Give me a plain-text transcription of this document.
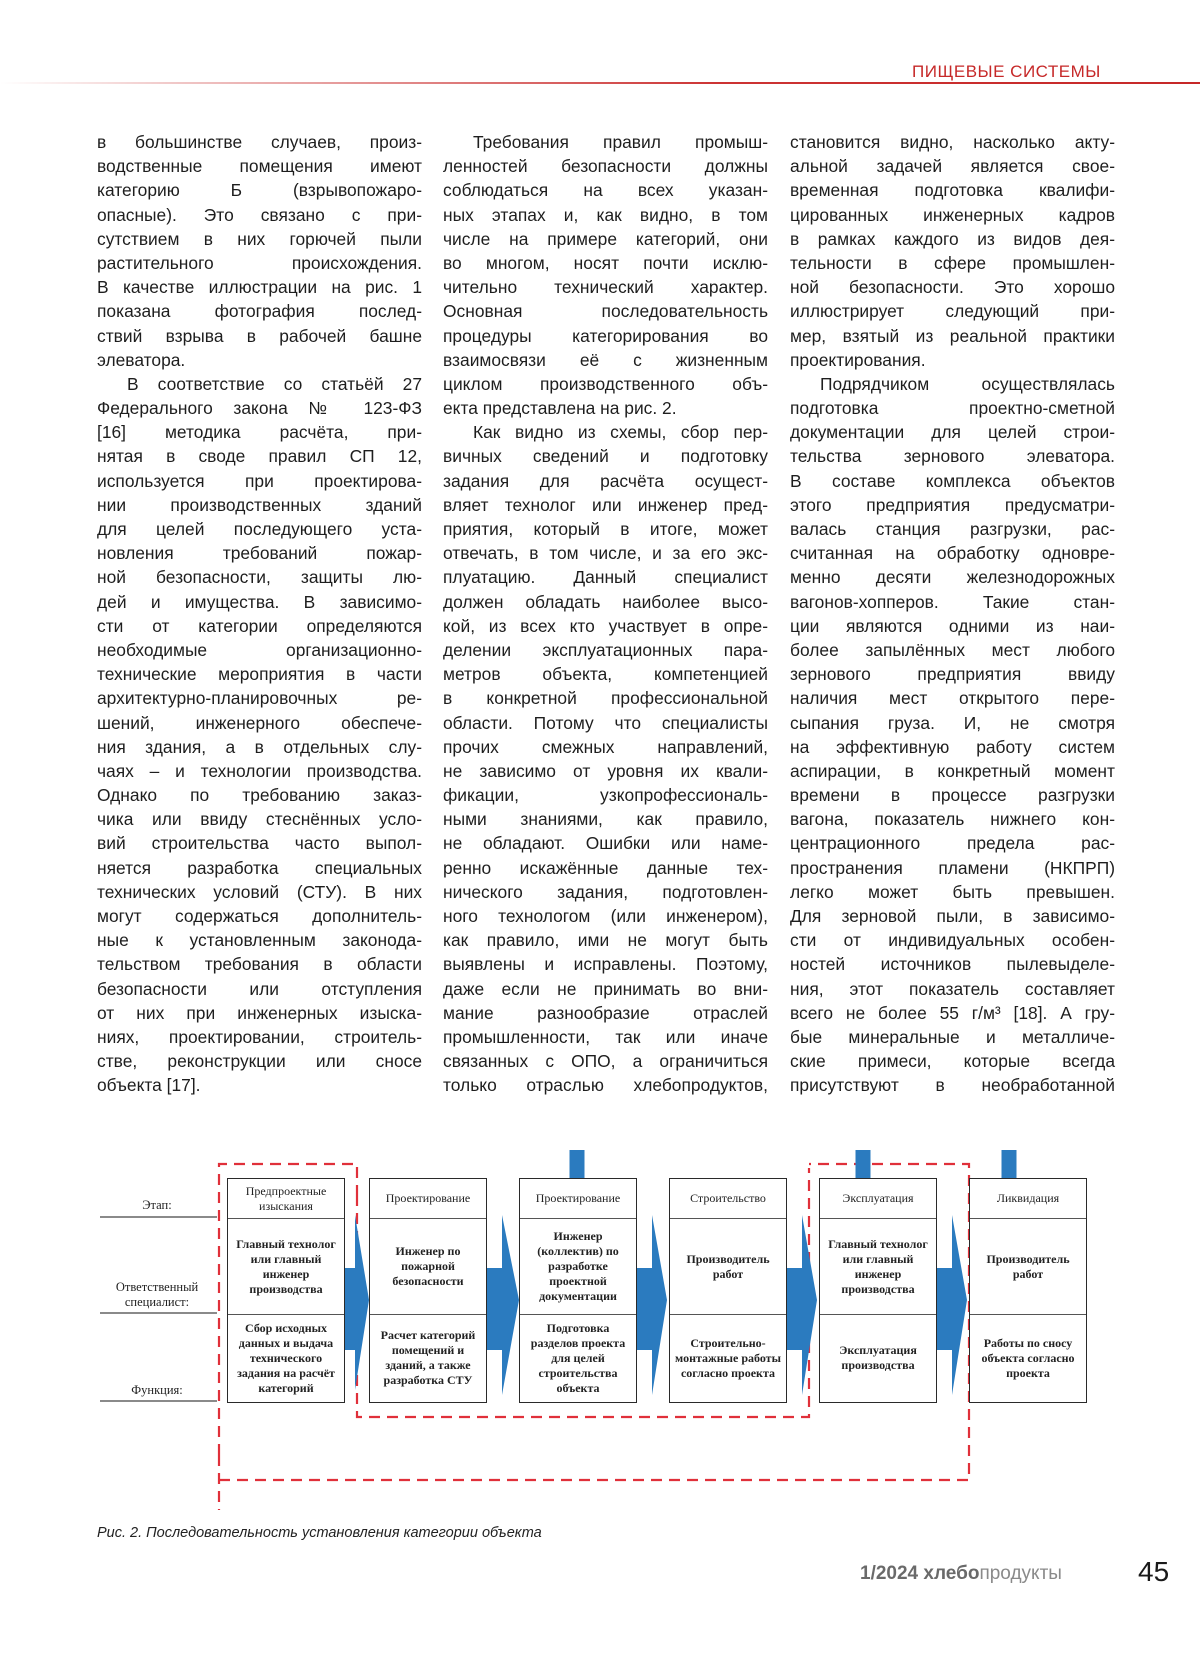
ПИЩЕВЫЕ СИСТЕМЫ
в большинстве случаев, произ-
водственные помещения имеют
категорию Б (взрывопожаро-
опасные). Это связано с при-
сутствием в них горючей пыли
растительного происхождения.
В качестве иллюстрации на рис. 1
показана фотография послед-
ствий взрыва в рабочей башне
элеватора.
В соответствие со статьёй 27
Федерального закона № 123-ФЗ
[16] методика расчёта, при-
нятая в своде правил СП 12,
используется при проектирова-
нии производственных зданий
для целей последующего уста-
новления требований пожар-
ной безопасности, защиты лю-
дей и имущества. В зависимо-
сти от категории определяются
необходимые организационно-
технические мероприятия в части
архитектурно-планировочных ре-
шений, инженерного обеспече-
ния здания, а в отдельных слу-
чаях – и технологии производства.
Однако по требованию заказ-
чика или ввиду стеснённых усло-
вий строительства часто выпол-
няется разработка специальных
технических условий (СТУ). В них
могут содержаться дополнитель-
ные к установленным законода-
тельством требования в области
безопасности или отступления
от них при инженерных изыска-
ниях, проектировании, строитель-
стве, реконструкции или сносе
объекта [17].
Требования правил промыш-
ленностей безопасности должны
соблюдаться на всех указан-
ных этапах и, как видно, в том
числе на примере категорий, они
во многом, носят почти исклю-
чительно технический характер.
Основная последовательность
процедуры категорирования во
взаимосвязи её с жизненным
циклом производственного объ-
екта представлена на рис. 2.
Как видно из схемы, сбор пер-
вичных сведений и подготовку
задания для расчёта осущест-
вляет технолог или инженер пред-
приятия, который в итоге, может
отвечать, в том числе, и за его экс-
плуатацию. Данный специалист
должен обладать наиболее высо-
кой, из всех кто участвует в опре-
делении эксплуатационных пара-
метров объекта, компетенцией
в конкретной профессиональной
области. Потому что специалисты
прочих смежных направлений,
не зависимо от уровня их квали-
фикации, узкопрофессиональ-
ными знаниями, как правило,
не обладают. Ошибки или наме-
ренно искажённые данные тех-
нического задания, подготовлен-
ного технологом (или инженером),
как правило, ими не могут быть
выявлены и исправлены. Поэтому,
даже если не принимать во вни-
мание разнообразие отраслей
промышленности, так или иначе
связанных с ОПО, а ограничиться
только отраслью хлебопродуктов,
становится видно, насколько акту-
альной задачей является свое-
временная подготовка квалифи-
цированных инженерных кадров
в рамках каждого из видов дея-
тельности в сфере промышлен-
ной безопасности. Это хорошо
иллюстрирует следующий при-
мер, взятый из реальной практики
проектирования.
Подрядчиком осуществлялась
подготовка проектно-сметной
документации для целей строи-
тельства зернового элеватора.
В составе комплекса объектов
этого предприятия предусматри-
валась станция разгрузки, рас-
считанная на обработку одновре-
менно десяти железнодорожных
вагонов-хопперов. Такие стан-
ции являются одними из наи-
более запылённых мест любого
зернового предприятия ввиду
наличия мест открытого пере-
сыпания груза. И, не смотря
на эффективную работу систем
аспирации, в конкретный момент
времени в процессе разгрузки
вагона, показатель нижнего кон-
центрационного предела рас-
пространения пламени (НКПРП)
легко может быть превышен.
Для зерновой пыли, в зависимо-
сти от индивидуальных особен-
ностей источников пылевыделе-
ния, этот показатель составляет
всего не более 55 г/м³ [18]. А гру-
бые минеральные и металличе-
ские примеси, которые всегда
присутствуют в необработанной
Этап:
Ответственный специалист:
Функция:
Предпроектные изыскания
Главный технолог или главный инженер производства
Сбор исходных данных и выдача технического задания на расчёт категорий
Проектирование
Инженер по пожарной безопасности
Расчет категорий помещений и зданий, а также разработка СТУ
Проектирование
Инженер (коллектив) по разработке проектной документации
Подготовка разделов проекта для целей строительства объекта
Строительство
Производитель работ
Строительно-монтажные работы согласно проекта
Эксплуатация
Главный технолог или главный инженер производства
Эксплуатация производства
Ликвидация
Производитель работ
Работы по сносу объекта согласно проекта
Рис. 2. Последовательность установления категории объекта
1/2024 хлебопродукты	45
